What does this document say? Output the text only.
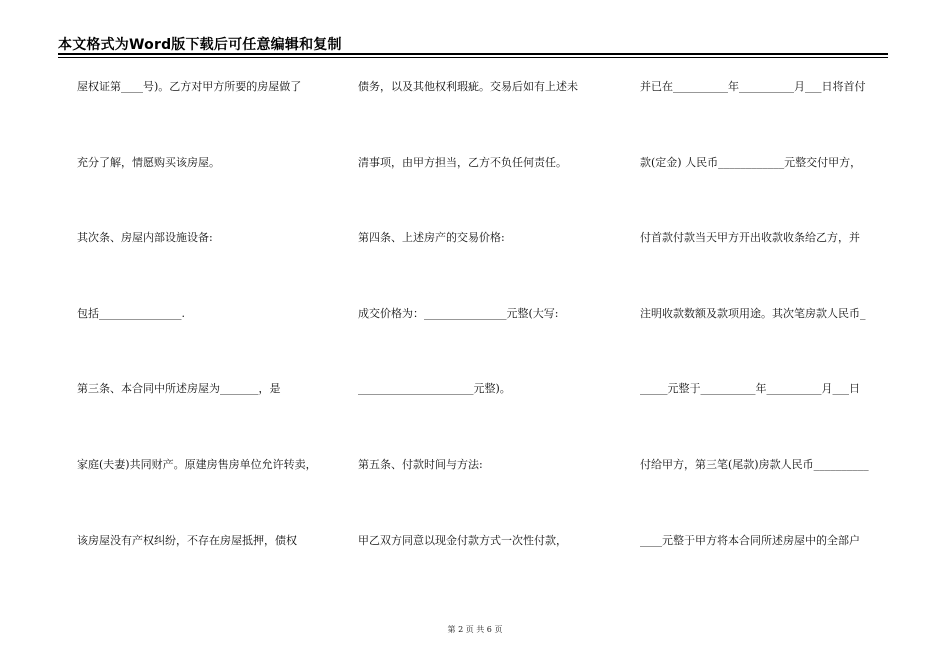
本文格式为Word版下载后可任意编辑和复制
屋权证第____号)。乙方对甲方所要的房屋做了
充分了解，情愿购买该房屋。
其次条、房屋内部设施设备:
包括_______________.
第三条、本合同中所述房屋为_______，是
家庭(夫妻)共同财产。原建房售房单位允许转卖，
该房屋没有产权纠纷，不存在房屋抵押，债权
债务，以及其他权利瑕疵。交易后如有上述未
清事项，由甲方担当，乙方不负任何责任。
第四条、上述房产的交易价格:
成交价格为：_______________元整(大写:
_____________________元整)。
第五条、付款时间与方法:
甲乙双方同意以现金付款方式一次性付款，
并已在__________年__________月___日将首付
款(定金) 人民币____________元整交付甲方，
付首款付款当天甲方开出收款收条给乙方，并
注明收款数额及款项用途。其次笔房款人民币_
_____元整于__________年__________月___日
付给甲方，第三笔(尾款)房款人民币__________
____元整于甲方将本合同所述房屋中的全部户
第 2 页 共 6 页
